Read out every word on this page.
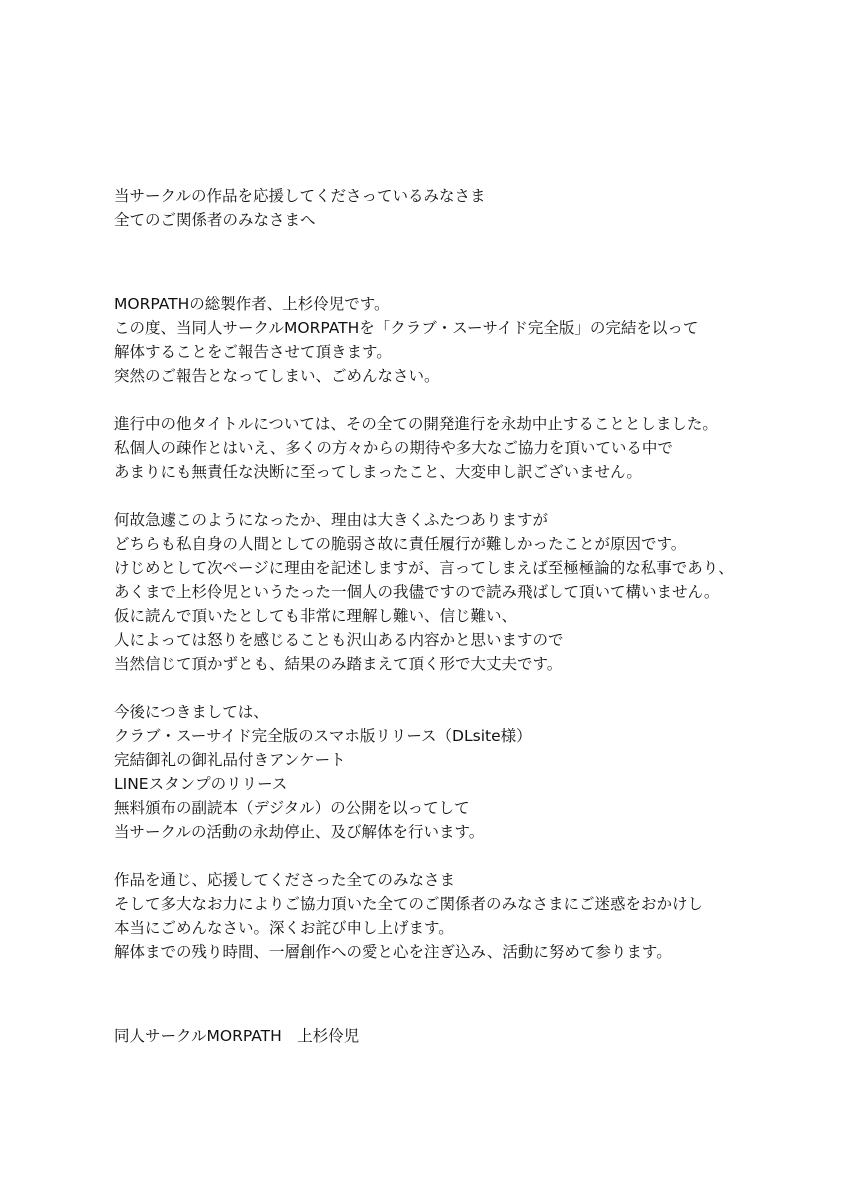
当サークルの作品を応援してくださっているみなさま
全てのご関係者のみなさまへ
MORPATHの総製作者、上杉伶児です。
この度、当同人サークルMORPATHを「クラブ・スーサイド完全版」の完結を以って
解体することをご報告させて頂きます。
突然のご報告となってしまい、ごめんなさい。
進行中の他タイトルについては、その全ての開発進行を永劫中止することとしました。
私個人の疎作とはいえ、多くの方々からの期待や多大なご協力を頂いている中で
あまりにも無責任な決断に至ってしまったこと、大変申し訳ございません。
何故急遽このようになったか、理由は大きくふたつありますが
どちらも私自身の人間としての脆弱さ故に責任履行が難しかったことが原因です。
けじめとして次ページに理由を記述しますが、言ってしまえば至極極論的な私事であり、
あくまで上杉伶児というたった一個人の我儘ですので読み飛ばして頂いて構いません。
仮に読んで頂いたとしても非常に理解し難い、信じ難い、
人によっては怒りを感じることも沢山ある内容かと思いますので
当然信じて頂かずとも、結果のみ踏まえて頂く形で大丈夫です。
今後につきましては、
クラブ・スーサイド完全版のスマホ版リリース（DLsite様）
完結御礼の御礼品付きアンケート
LINEスタンプのリリース
無料頒布の副読本（デジタル）の公開を以ってして
当サークルの活動の永劫停止、及び解体を行います。
作品を通じ、応援してくださった全てのみなさま
そして多大なお力によりご協力頂いた全てのご関係者のみなさまにご迷惑をおかけし
本当にごめんなさい。深くお詫び申し上げます。
解体までの残り時間、一層創作への愛と心を注ぎ込み、活動に努めて参ります。
同人サークルMORPATH　上杉伶児
